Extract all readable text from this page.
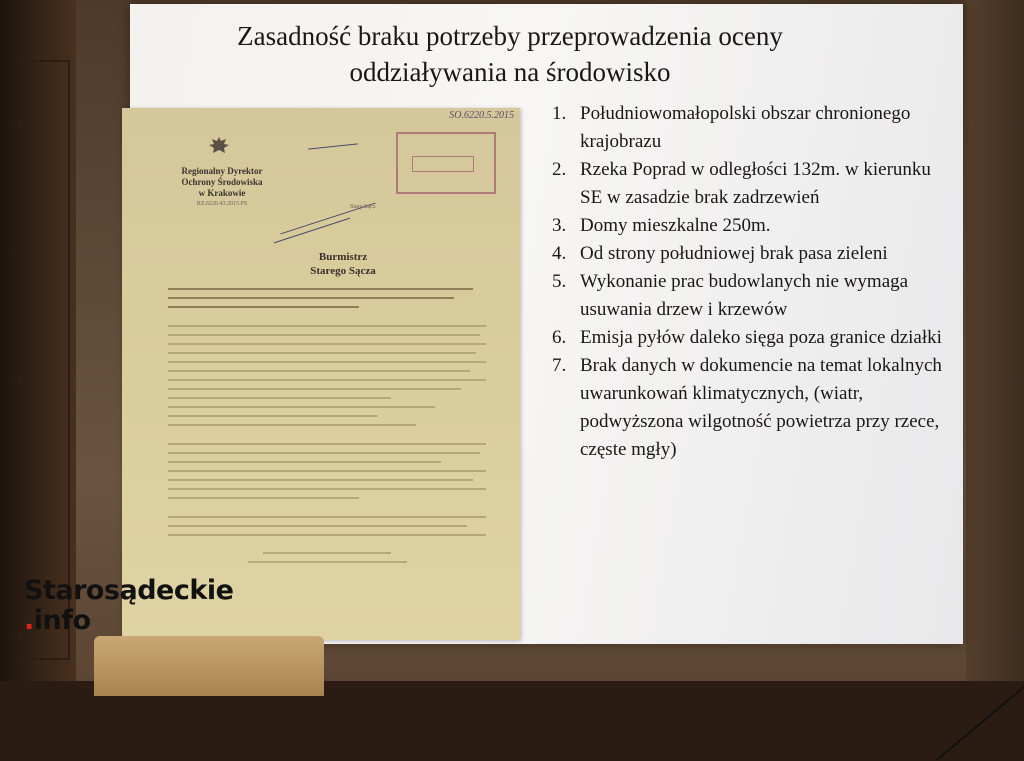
Zasadność braku potrzeby przeprowadzenia oceny
oddziaływania na środowisko
SO.6220.5.2015
Regionalny Dyrektor
Ochrony Środowiska
w Krakowie
RZ.6220.43.2015.PS	Stary Sącz
Burmistrz
Starego Sącza
1. Południowomałopolski obszar chronionego krajobrazu
2. Rzeka Poprad w odległości 132m. w kierunku SE w zasadzie brak zadrzewień
3. Domy mieszkalne 250m.
4. Od strony południowej brak pasa zieleni
5. Wykonanie prac budowlanych nie wymaga usuwania drzew i krzewów
6. Emisja pyłów daleko sięga poza granice działki
7. Brak danych w dokumencie na temat lokalnych uwarunkowań klimatycznych, (wiatr, podwyższona wilgotność powietrza przy rzece, częste mgły)
Starosądeckie
.info
